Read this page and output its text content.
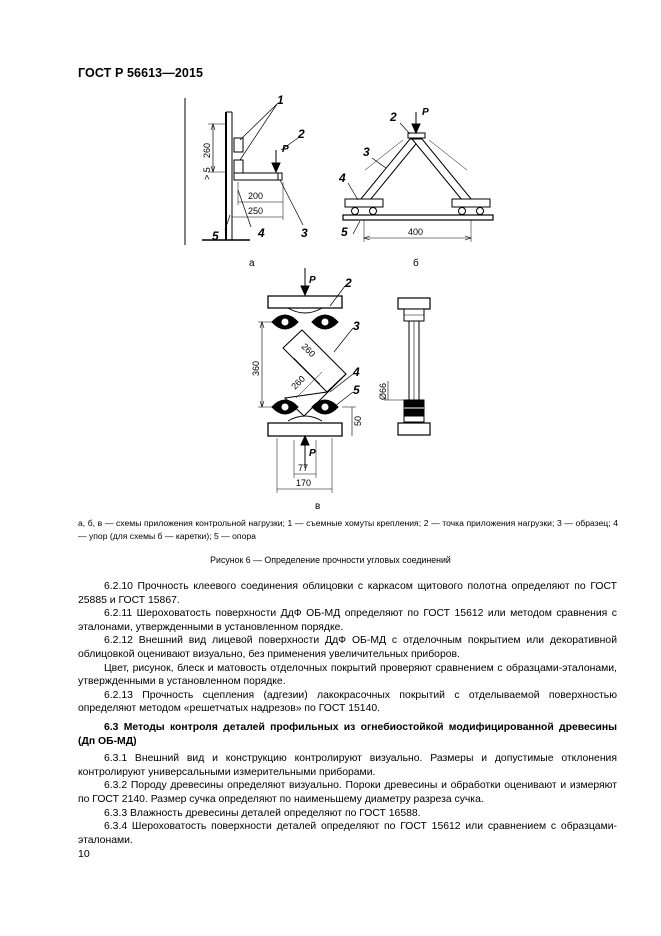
ГОСТ Р 56613—2015
P
260
> 5
200
250
1
2
3
4
5
а
P
400
2
3
4
5
б
P
P
360
260
260
50
77
170
2
3
4
5
в
Ø66
а, б, в — схемы приложения контрольной нагрузки; 1 — съемные хомуты крепления; 2 — точка приложения нагрузки; 3 — образец; 4 — упор (для схемы б — каретки); 5 — опора
Рисунок 6 — Определение прочности угловых соединений

6.2.10 Прочность клеевого соединения облицовки с каркасом щитового полотна определяют по ГОСТ 25885 и ГОСТ 15867.

6.2.11 Шероховатость поверхности ДдФ ОБ-МД определяют по ГОСТ 15612 или методом сравнения с эталонами, утвержденными в установленном порядке.

6.2.12 Внешний вид лицевой поверхности ДдФ ОБ-МД с отделочным покрытием или декоративной облицовкой оценивают визуально, без применения увеличительных приборов.

Цвет, рисунок, блеск и матовость отделочных покрытий проверяют сравнением с образцами-эталонами, утвержденными в установленном порядке.

6.2.13 Прочность сцепления (адгезии) лакокрасочных покрытий с отделываемой поверхностью определяют методом «решетчатых надрезов» по ГОСТ 15140.

6.3 Методы контроля деталей профильных из огнебиостойкой модифицированной древесины (Дп ОБ-МД)

6.3.1 Внешний вид и конструкцию контролируют визуально. Размеры и допустимые отклонения контролируют универсальными измерительными приборами.

6.3.2 Породу древесины определяют визуально. Пороки древесины и обработки оценивают и измеряют по ГОСТ 2140. Размер сучка определяют по наименьшему диаметру разреза сучка.

6.3.3 Влажность древесины деталей определяют по ГОСТ 16588.

6.3.4 Шероховатость поверхности деталей определяют по ГОСТ 15612 или сравнением с образцами-эталонами.

10
